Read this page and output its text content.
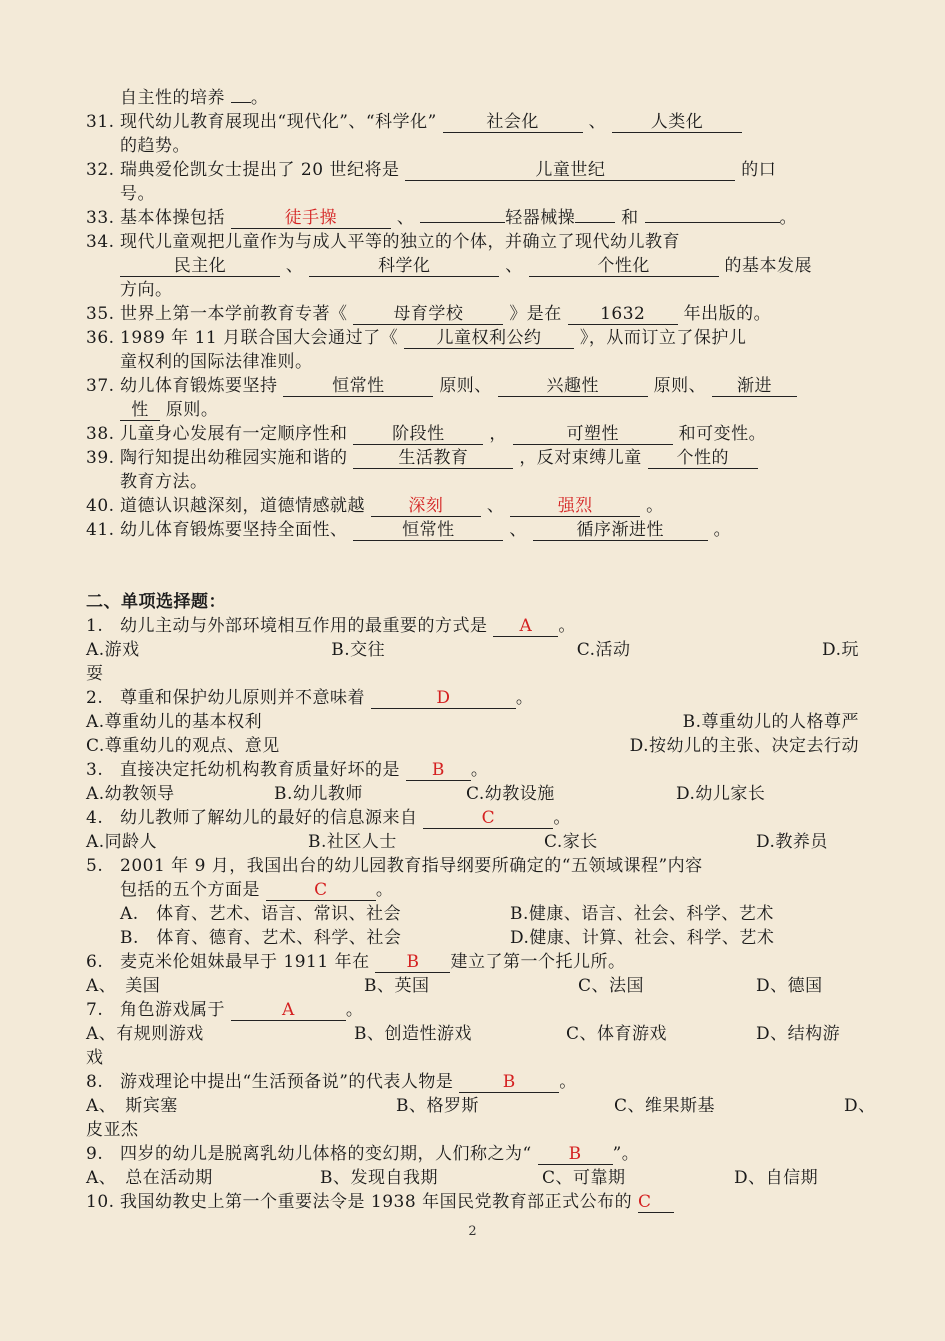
自主性的培养 。
31. 现代幼儿教育展现出“现代化”、“科学化”	社会化	、	人类化
的趋势。
32. 瑞典爱伦凯女士提出了 20 世纪将是	儿童世纪	的口
号。
33. 基本体操包括	徒手操	、	轻器械操	和	。
34. 现代儿童观把儿童作为与成人平等的独立的个体，并确立了现代幼儿教育
民主化	、	科学化	、	个性化	的基本发展
方向。
35. 世界上第一本学前教育专著《	母育学校	》是在 1632 年出版的。
36. 1989 年 11 月联合国大会通过了《 儿童权利公约 》，从而订立了保护儿
童权利的国际法律准则。
37. 幼儿体育锻炼要坚持	恒常性	原则、	兴趣性	原则、 渐进
性 原则。
38. 儿童身心发展有一定顺序性和	阶段性	，	可塑性	和可变性。
39. 陶行知提出幼稚园实施和谐的	生活教育	，反对束缚儿童 个性的
教育方法。
40. 道德认识越深刻，道德情感就越	深刻	、	强烈	。
41. 幼儿体育锻炼要坚持全面性、	恒常性	、	循序渐进性	。
二、单项选择题：
1. 幼儿主动与外部环境相互作用的最重要的方式是 A 。
A.游戏	B.交往	C.活动	D.玩
耍
2. 尊重和保护幼儿原则并不意味着	D	。
A.尊重幼儿的基本权利	B.尊重幼儿的人格尊严
C.尊重幼儿的观点、意见	D.按幼儿的主张、决定去行动
3. 直接决定托幼机构教育质量好坏的是 B 。
A.幼教领导	B.幼儿教师	C.幼教设施	D.幼儿家长
4. 幼儿教师了解幼儿的最好的信息源来自	C	。
A.同龄人	B.社区人士	C.家长	D.教养员
5. 2001 年 9 月，我国出台的幼儿园教育指导纲要所确定的“五领域课程”内容
包括的五个方面是	C	。
A.　体育、艺术、语言、常识、社会	B.健康、语言、社会、科学、艺术
B.　体育、德育、艺术、科学、社会	D.健康、计算、社会、科学、艺术
6. 麦克米伦姐妹最早于 1911 年在 B 建立了第一个托儿所。
A、　美国	B、英国	C、法国	D、德国
7. 角色游戏属于	A	。
A、有规则游戏	B、创造性游戏	C、体育游戏	D、结构游
戏
8. 游戏理论中提出“生活预备说”的代表人物是	B	。
A、　斯宾塞	B、格罗斯	C、维果斯基	D、
皮亚杰
9. 四岁的幼儿是脱离乳幼儿体格的变幻期，人们称之为“ B ”。
A、　总在活动期	B、发现自我期	C、可靠期	D、自信期
10. 我国幼教史上第一个重要法令是 1938 年国民党教育部正式公布的 C
2
